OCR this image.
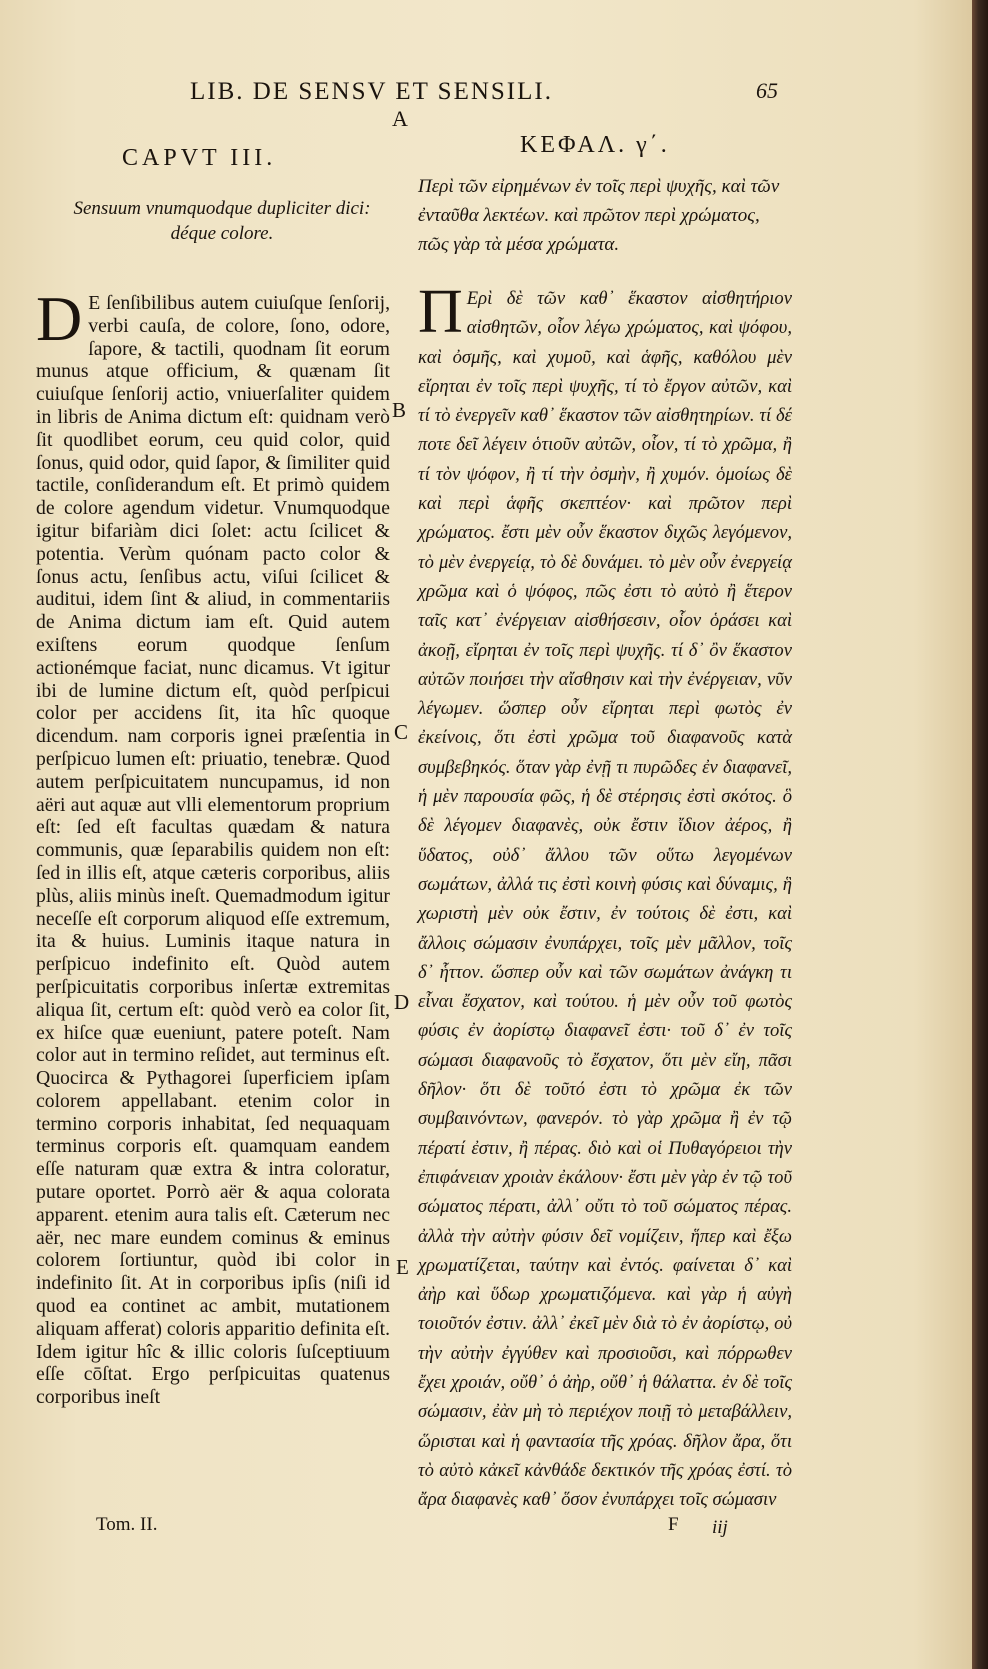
LIB. DE SENSV ET SENSILI.	65
A
CAPVT III.
Sensuum vnumquodque dupliciter dici: déque colore.
ΚΕΦΑΛ. γ΄.
Περὶ τῶν εἰρημένων ἐν τοῖς περὶ ψυχῆς, καὶ τῶν ἐνταῦθα λεκτέων. καὶ πρῶτον περὶ χρώματος, πῶς γὰρ τὰ μέσα χρώματα.
D E ſenſibilibus autem cuiuſque ſenſorij, verbi cauſa, de colore, ſono, odore, ſapore, & tactili, quodnam ſit eorum munus atque officium, & quænam ſit cuiuſque ſenſorij actio, vniuerſaliter quidem in libris de Anima dictum eſt: quidnam verò ſit quodlibet eorum, ceu quid color, quid ſonus, quid odor, quid ſapor, & ſimiliter quid tactile, conſiderandum eſt. Et primò quidem de colore agendum videtur. Vnumquodque igitur bifariàm dici ſolet: actu ſcilicet & potentia. Verùm quónam pacto color & ſonus actu, ſenſibus actu, viſui ſcilicet & auditui, idem ſint & aliud, in commentariis de Anima dictum iam eſt. Quid autem exiſtens eorum quodque ſenſum actionémque faciat, nunc dicamus. Vt igitur ibi de lumine dictum eſt, quòd perſpicui color per accidens ſit, ita hîc quoque dicendum. nam corporis ignei præſentia in perſpicuo lumen eſt: priuatio, tenebræ. Quod autem perſpicuitatem nuncupamus, id non aëri aut aquæ aut vlli elementorum proprium eſt: ſed eſt facultas quædam & natura communis, quæ ſeparabilis quidem non eſt: ſed in illis eſt, atque cæteris corporibus, aliis plùs, aliis minùs ineſt. Quemadmodum igitur neceſſe eſt corporum aliquod eſſe extremum, ita & huius. Luminis itaque natura in perſpicuo indefinito eſt. Quòd autem perſpicuitatis corporibus inſertæ extremitas aliqua ſit, certum eſt: quòd verò ea color ſit, ex hiſce quæ eueniunt, patere poteſt. Nam color aut in termino reſidet, aut terminus eſt. Quocirca & Pythagorei ſuperficiem ipſam colorem appellabant. etenim color in termino corporis inhabitat, ſed nequaquam terminus corporis eſt. quamquam eandem eſſe naturam quæ extra & intra coloratur, putare oportet. Porrò aër & aqua colorata apparent. etenim aura talis eſt. Cæterum nec aër, nec mare eundem cominus & eminus colorem ſortiuntur, quòd ibi color in indefinito ſit. At in corporibus ipſis (niſi id quod ea continet ac ambit, mutationem aliquam afferat) coloris apparitio definita eſt. Idem igitur hîc & illic coloris ſuſceptiuum eſſe cōſtat. Ergo perſpicuitas quatenus corporibus ineſt
Π Ερὶ δὲ τῶν καθ᾽ ἕκαστον αἰσθητήριον αἰσθητῶν, οἷον λέγω χρώματος, καὶ ψόφου, καὶ ὀσμῆς, καὶ χυμοῦ, καὶ ἁφῆς, καθόλου μὲν εἴρηται ἐν τοῖς περὶ ψυχῆς, τί τὸ ἔργον αὐτῶν, καὶ τί τὸ ἐνεργεῖν καθ᾽ ἕκαστον τῶν αἰσθητηρίων. τί δέ ποτε δεῖ λέγειν ὁτιοῦν αὐτῶν, οἷον, τί τὸ χρῶμα, ἢ τί τὸν ψόφον, ἢ τί τὴν ὀσμὴν, ἢ χυμόν. ὁμοίως δὲ καὶ περὶ ἁφῆς σκεπτέον· καὶ πρῶτον περὶ χρώματος. ἔστι μὲν οὖν ἕκαστον διχῶς λεγόμενον, τὸ μὲν ἐνεργείᾳ, τὸ δὲ δυνάμει. τὸ μὲν οὖν ἐνεργείᾳ χρῶμα καὶ ὁ ψόφος, πῶς ἐστι τὸ αὐτὸ ἢ ἕτερον ταῖς κατ᾽ ἐνέργειαν αἰσθήσεσιν, οἷον ὁράσει καὶ ἀκοῇ, εἴρηται ἐν τοῖς περὶ ψυχῆς. τί δ᾽ ὂν ἕκαστον αὐτῶν ποιήσει τὴν αἴσθησιν καὶ τὴν ἐνέργειαν, νῦν λέγωμεν. ὥσπερ οὖν εἴρηται περὶ φωτὸς ἐν ἐκείνοις, ὅτι ἐστὶ χρῶμα τοῦ διαφανοῦς κατὰ συμβεβηκός. ὅταν γὰρ ἐνῇ τι πυρῶδες ἐν διαφανεῖ, ἡ μὲν παρουσία φῶς, ἡ δὲ στέρησις ἐστὶ σκότος. ὃ δὲ λέγομεν διαφανὲς, οὐκ ἔστιν ἴδιον ἀέρος, ἢ ὕδατος, οὐδ᾽ ἄλλου τῶν οὕτω λεγομένων σωμάτων, ἀλλά τις ἐστὶ κοινὴ φύσις καὶ δύναμις, ἣ χωριστὴ μὲν οὐκ ἔστιν, ἐν τούτοις δὲ ἐστι, καὶ ἄλλοις σώμασιν ἐνυπάρχει, τοῖς μὲν μᾶλλον, τοῖς δ᾽ ἧττον. ὥσπερ οὖν καὶ τῶν σωμάτων ἀνάγκη τι εἶναι ἔσχατον, καὶ τούτου. ἡ μὲν οὖν τοῦ φωτὸς φύσις ἐν ἀορίστῳ διαφανεῖ ἐστι· τοῦ δ᾽ ἐν τοῖς σώμασι διαφανοῦς τὸ ἔσχατον, ὅτι μὲν εἴη, πᾶσι δῆλον· ὅτι δὲ τοῦτό ἐστι τὸ χρῶμα ἐκ τῶν συμβαινόντων, φανερόν. τὸ γὰρ χρῶμα ἢ ἐν τῷ πέρατί ἐστιν, ἢ πέρας. διὸ καὶ οἱ Πυθαγόρειοι τὴν ἐπιφάνειαν χροιὰν ἐκάλουν· ἔστι μὲν γὰρ ἐν τῷ τοῦ σώματος πέρατι, ἀλλ᾽ οὔτι τὸ τοῦ σώματος πέρας. ἀλλὰ τὴν αὐτὴν φύσιν δεῖ νομίζειν, ἥπερ καὶ ἔξω χρωματίζεται, ταύτην καὶ ἐντός. φαίνεται δ᾽ καὶ ἀὴρ καὶ ὕδωρ χρωματιζόμενα. καὶ γὰρ ἡ αὐγὴ τοιοῦτόν ἐστιν. ἀλλ᾽ ἐκεῖ μὲν διὰ τὸ ἐν ἀορίστῳ, οὐ τὴν αὐτὴν ἐγγύθεν καὶ προσιοῦσι, καὶ πόρρωθεν ἔχει χροιάν, οὔθ᾽ ὁ ἀὴρ, οὔθ᾽ ἡ θάλαττα. ἐν δὲ τοῖς σώμασιν, ἐὰν μὴ τὸ περιέχον ποιῇ τὸ μεταβάλλειν, ὥρισται καὶ ἡ φαντασία τῆς χρόας. δῆλον ἄρα, ὅτι τὸ αὐτὸ κἀκεῖ κἀνθάδε δεκτικόν τῆς χρόας ἐστί. τὸ ἄρα διαφανὲς καθ᾽ ὅσον ἐνυπάρχει τοῖς σώμασιν
B
C
D
E
Tom. II.	F iij
